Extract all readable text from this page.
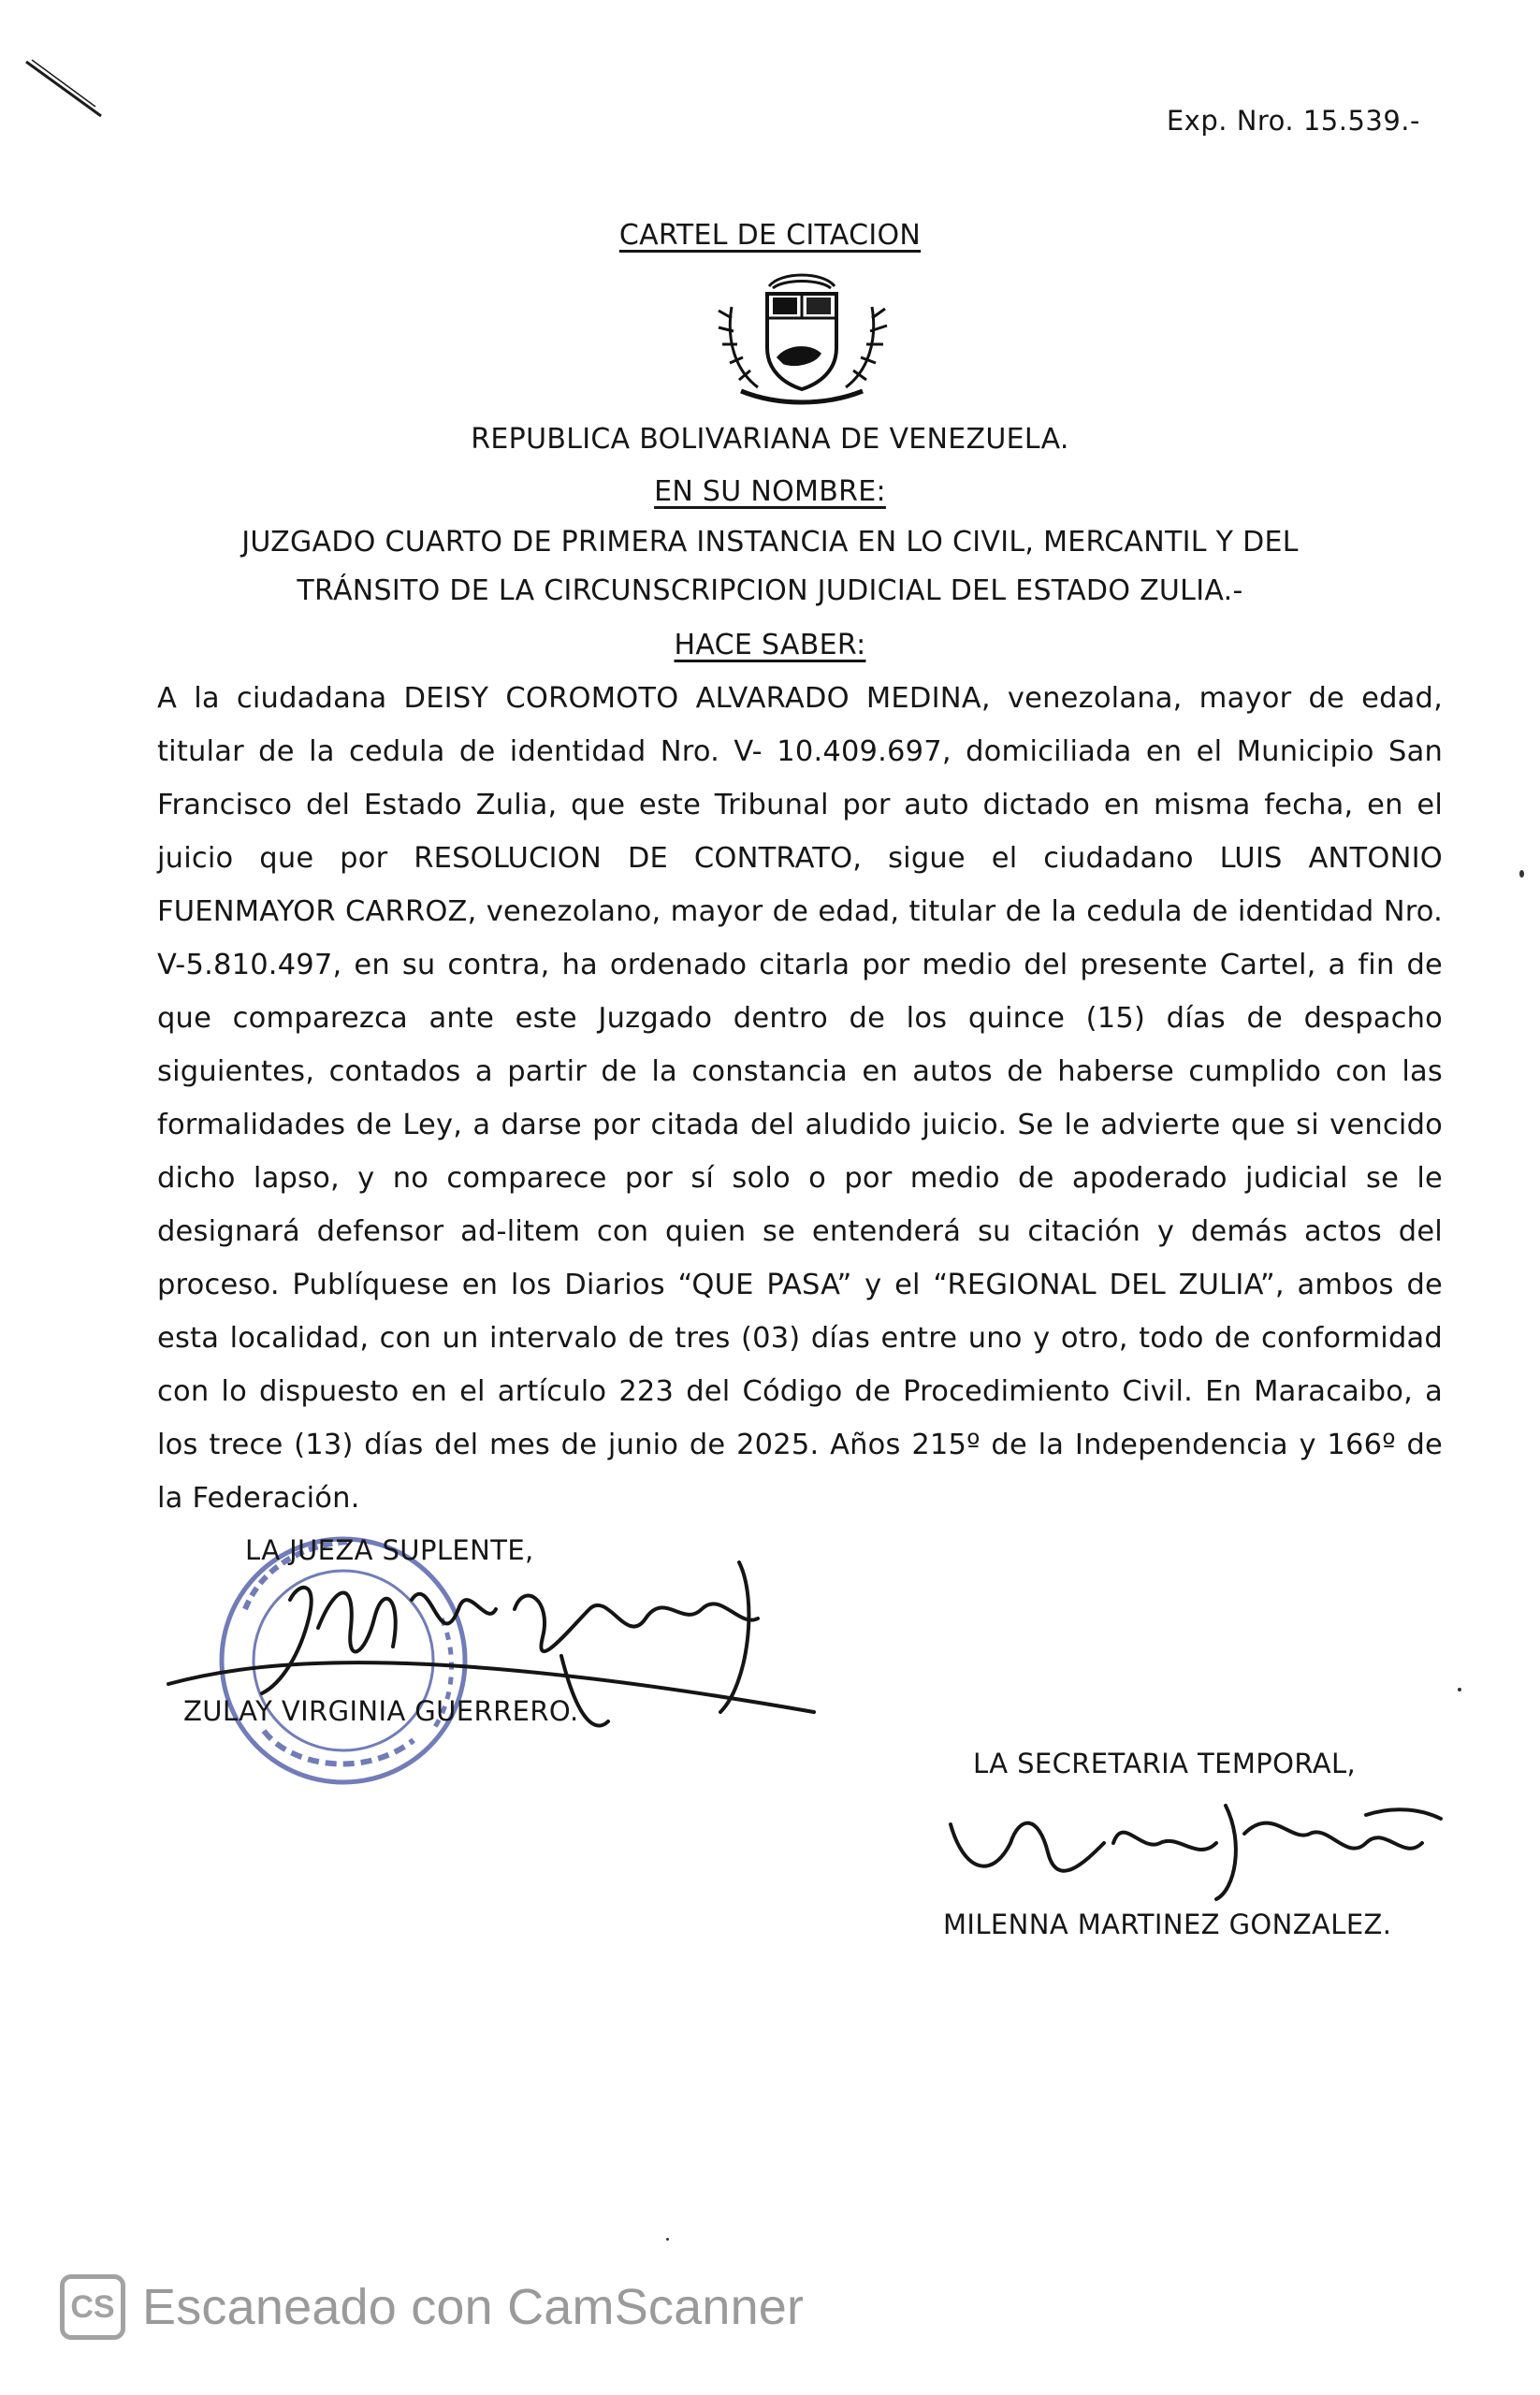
Exp. Nro. 15.539.-
CARTEL DE CITACION
REPUBLICA BOLIVARIANA DE VENEZUELA.
EN SU NOMBRE:
JUZGADO CUARTO DE PRIMERA INSTANCIA EN LO CIVIL, MERCANTIL Y DEL
TRÁNSITO DE LA CIRCUNSCRIPCION JUDICIAL DEL ESTADO ZULIA.-
HACE SABER:
A la ciudadana DEISY COROMOTO ALVARADO MEDINA, venezolana, mayor de edad, titular de la cedula de identidad Nro. V- 10.409.697, domiciliada en el Municipio San Francisco del Estado Zulia, que este Tribunal por auto dictado en misma fecha, en el juicio que por RESOLUCION DE CONTRATO, sigue el ciudadano LUIS ANTONIO FUENMAYOR CARROZ, venezolano, mayor de edad, titular de la cedula de identidad Nro. V-5.810.497, en su contra, ha ordenado citarla por medio del presente Cartel, a fin de que comparezca ante este Juzgado dentro de los quince (15) días de despacho siguientes, contados a partir de la constancia en autos de haberse cumplido con las formalidades de Ley, a darse por citada del aludido juicio. Se le advierte que si vencido dicho lapso, y no comparece por sí solo o por medio de apoderado judicial se le designará defensor ad-litem con quien se entenderá su citación y demás actos del proceso. Publíquese en los Diarios “QUE PASA” y el “REGIONAL DEL ZULIA”, ambos de esta localidad, con un intervalo de tres (03) días entre uno y otro, todo de conformidad con lo dispuesto en el artículo 223 del Código de Procedimiento Civil. En Maracaibo, a los trece (13) días del mes de junio de 2025. Años 215º de la Independencia y 166º de la Federación.
LA JUEZA SUPLENTE,
ZULAY VIRGINIA GUERRERO.
LA SECRETARIA TEMPORAL,
MILENNA MARTINEZ GONZALEZ.
CS Escaneado con CamScanner
